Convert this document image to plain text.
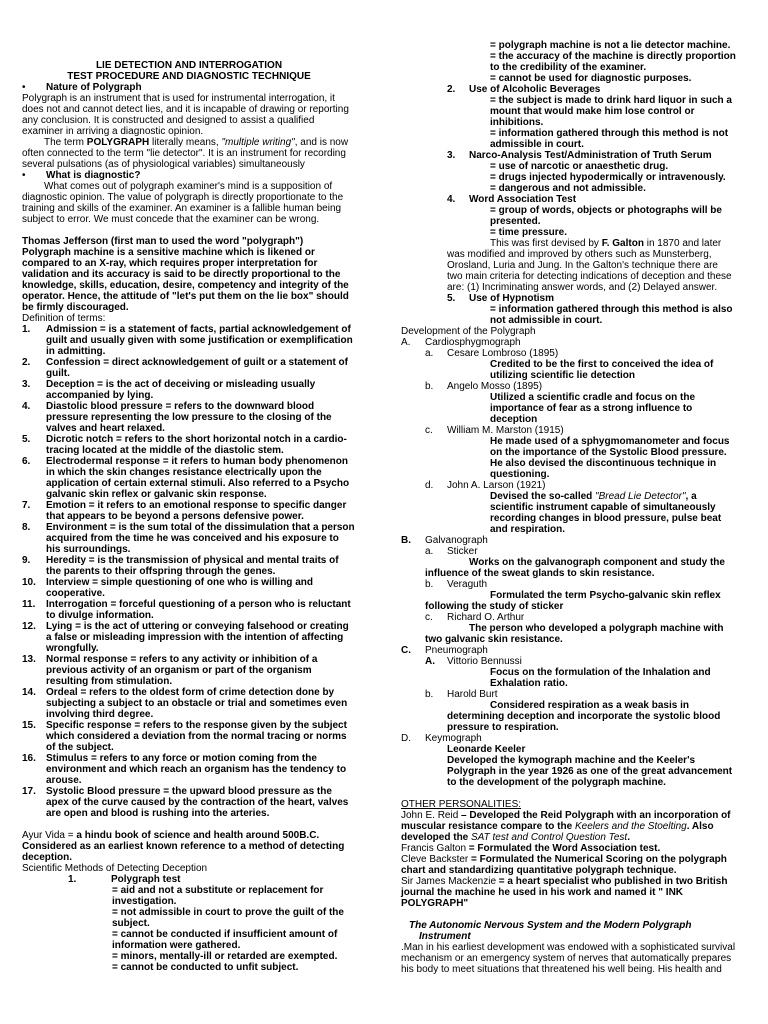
LIE DETECTION AND INTERROGATION

TEST PROCEDURE AND DIAGNOSTIC TECHNIQUE

• Nature of Polygraph

Polygraph is an instrument that is used for instrumental interrogation, it does not and cannot detect lies, and it is incapable of drawing or reporting any conclusion. It is constructed and designed to assist a qualified examiner in arriving a diagnostic opinion.

The term POLYGRAPH literally means, "multiple writing", and is now often connected to the term "lie detector". It is an instrument for recording several pulsations (as of physiological variables) simultaneously

• What is diagnostic?

What comes out of polygraph examiner's mind is a supposition of diagnostic opinion. The value of polygraph is directly proportionate to the training and skills of the examiner. An examiner is a fallible human being subject to error. We must concede that the examiner can be wrong.

Thomas Jefferson (first man to used the word "polygraph")

Polygraph machine is a sensitive machine which is likened or compared to an X-ray, which requires proper interpretation for validation and its accuracy is said to be directly proportional to the knowledge, skills, education, desire, competency and integrity of the operator. Hence, the attitude of "let's put them on the lie box" should be firmly discouraged.

Definition of terms:

1. Admission = is a statement of facts, partial acknowledgement of guilt and usually given with some justification or exemplification in admitting.
2. Confession = direct acknowledgement of guilt or a statement of guilt.
3. Deception = is the act of deceiving or misleading usually accompanied by lying.
4. Diastolic blood pressure = refers to the downward blood pressure representing the low pressure to the closing of the valves and heart relaxed.
5. Dicrotic notch = refers to the short horizontal notch in a cardio-tracing located at the middle of the diastolic stem.
6. Electrodermal response = it refers to human body phenomenon in which the skin changes resistance electrically upon the application of certain external stimuli. Also referred to a Psycho galvanic skin reflex or galvanic skin response.
7. Emotion = it refers to an emotional response to specific danger that appears to be beyond a persons defensive power.
8. Environment = is the sum total of the dissimulation that a person acquired from the time he was conceived and his exposure to his surroundings.
9. Heredity = is the transmission of physical and mental traits of the parents to their offspring through the genes.
10. Interview = simple questioning of one who is willing and cooperative.
11. Interrogation = forceful questioning of a person who is reluctant to divulge information.
12. Lying = is the act of uttering or conveying falsehood or creating a false or misleading impression with the intention of affecting wrongfully.
13. Normal response = refers to any activity or inhibition of a previous activity of an organism or part of the organism resulting from stimulation.
14. Ordeal = refers to the oldest form of crime detection done by subjecting a subject to an obstacle or trial and sometimes even involving third degree.
15. Specific response = refers to the response given by the subject which considered a deviation from the normal tracing or norms of the subject.
16. Stimulus = refers to any force or motion coming from the environment and which reach an organism has the tendency to arouse.
17. Systolic Blood pressure = the upward blood pressure as the apex of the curve caused by the contraction of the heart, valves are open and blood is rushing into the arteries.

Ayur Vida = a hindu book of science and health around 500B.C. Considered as an earliest known reference to a method of detecting deception.

Scientific Methods of Detecting Deception

1.	Polygraph test

= aid and not a substitute or replacement for investigation.

= not admissible in court to prove the guilt of the subject.

= cannot be conducted if insufficient amount of information were gathered.

= minors, mentally-ill or retarded are exempted.

= cannot be conducted to unfit subject.

= polygraph machine is not a lie detector machine.

= the accuracy of the machine is directly proportion to the credibility of the examiner.

= cannot be used for diagnostic purposes.

2. Use of Alcoholic Beverages

= the subject is made to drink hard liquor in such a mount that would make him lose control or inhibitions.

= information gathered through this method is not admissible in court.

3. Narco-Analysis Test/Administration of Truth Serum

= use of narcotic or anaesthetic drug.

= drugs injected hypodermically or intravenously.

= dangerous and not admissible.

4. Word Association Test

= group of words, objects or photographs will be presented.

= time pressure.

This was first devised by F. Galton in 1870 and later was modified and improved by others such as Munsterberg, Orosland, Luria and Jung. In the Galton's technique there are two main criteria for detecting indications of deception and these are: (1) Incriminating answer words, and (2) Delayed answer.

5. Use of Hypnotism

= information gathered through this method is also not admissible in court.

Development of the Polygraph

A. Cardiosphygmograph

a. Cesare Lombroso (1895)

Credited to be the first to conceived the idea of utilizing scientific lie detection

b. Angelo Mosso (1895)

Utilized a scientific cradle and focus on the importance of fear as a strong influence to deception

c. William M. Marston (1915)

He made used of a sphygmomanometer and focus on the importance of the Systolic Blood pressure. He also devised the discontinuous technique in questioning.

d. John A. Larson (1921)

Devised the so-called "Bread Lie Detector", a scientific instrument capable of simultaneously recording changes in blood pressure, pulse beat and respiration.

B. Galvanograph

a. Sticker

Works on the galvanograph component and study the

influence of the sweat glands to skin resistance.

b. Veraguth

Formulated the term Psycho-galvanic skin reflex

following the study of sticker

c. Richard O. Arthur

The person who developed a polygraph machine with

two galvanic skin resistance.

C. Pneumograph

A. Vittorio Bennussi

Focus on the formulation of the Inhalation and Exhalation ratio.

b. Harold Burt

Considered respiration as a weak basis in

determining deception and incorporate the systolic blood pressure to respiration.

D. Keymograph

Leonarde Keeler

Developed the kymograph machine and the Keeler's Polygraph in the year 1926 as one of the great advancement to the development of the polygraph machine.

OTHER PERSONALITIES:

John E. Reid – Developed the Reid Polygraph with an incorporation of muscular resistance compare to the Keelers and the Stoelting. Also developed the SAT test and Control Question Test.

Francis Galton = Formulated the Word Association test.

Cleve Backster = Formulated the Numerical Scoring on the polygraph chart and standardizing quantitative polygraph technique.

Sir James Mackenzie = a heart specialist who published in two British journal the machine he used in his work and named it " INK POLYGRAPH"

The Autonomic Nervous System and the Modern Polygraph

Instrument

.Man in his earliest development was endowed with a sophisticated survival mechanism or an emergency system of nerves that automatically prepares his body to meet situations that threatened his well being. His health and
